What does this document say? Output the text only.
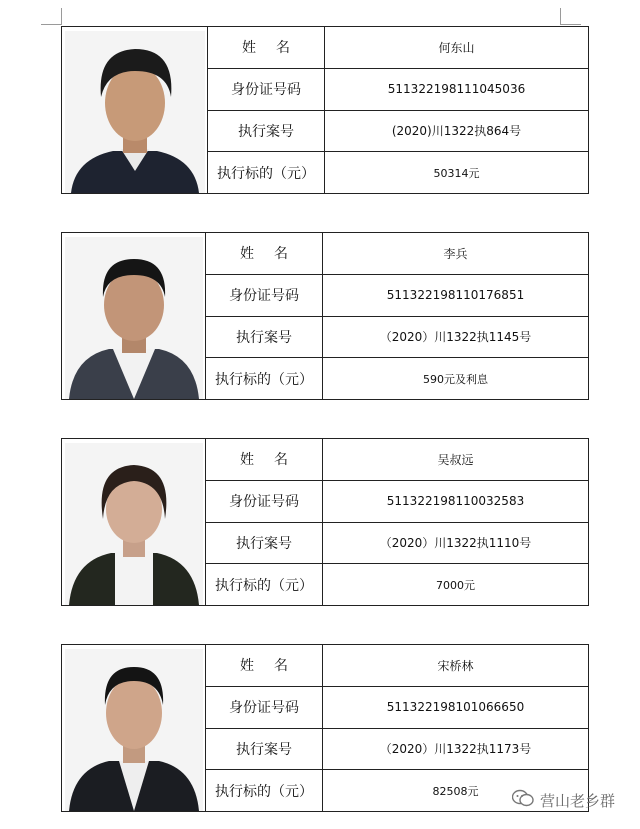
姓名	何东山
身份证号码	511322198111045036
执行案号	(2020)川1322执864号
执行标的（元）	50314元
姓名	李兵
身份证号码	511322198110176851
执行案号	（2020）川1322执1145号
执行标的（元）	590元及利息
姓名	吴叔远
身份证号码	511322198110032583
执行案号	（2020）川1322执1110号
执行标的（元）	7000元
姓名	宋桥林
身份证号码	511322198101066650
执行案号	（2020）川1322执1173号
执行标的（元）	82508元
营山老乡群
